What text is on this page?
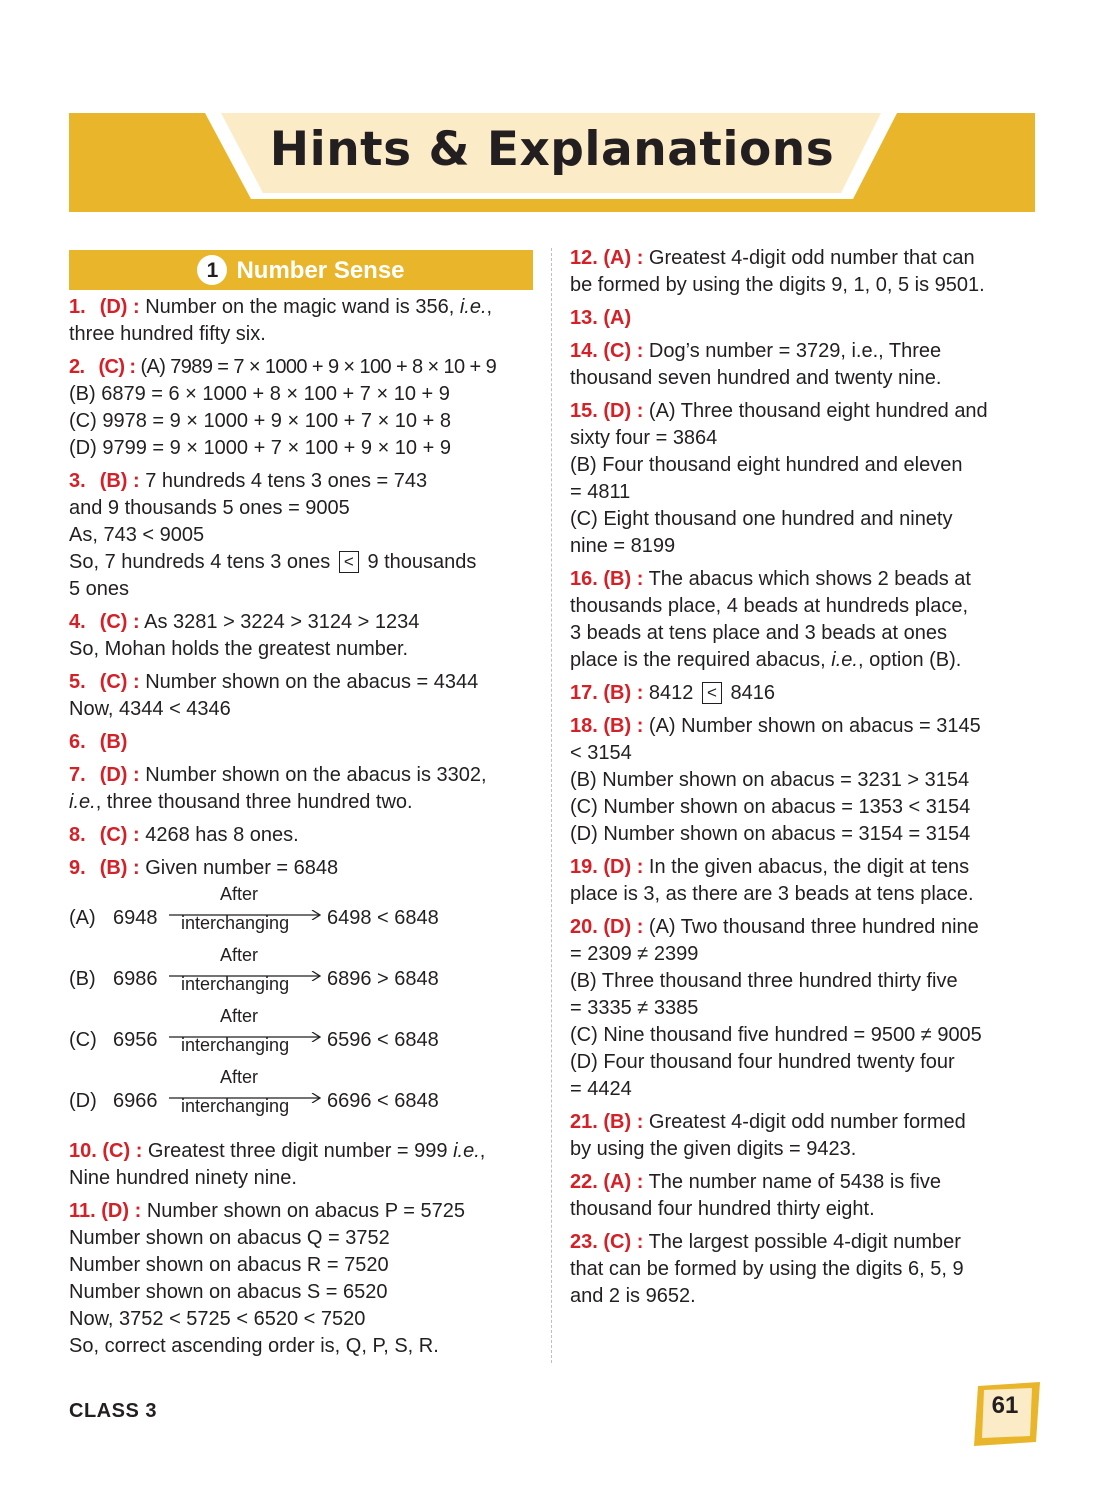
Hints & Explanations
1 Number Sense
1. (D) : Number on the magic wand is 356, i.e.,
three hundred fifty six.
2. (C) : (A) 7989 = 7 × 1000 + 9 × 100 + 8 × 10 + 9
(B) 6879 = 6 × 1000 + 8 × 100 + 7 × 10 + 9
(C) 9978 = 9 × 1000 + 9 × 100 + 7 × 10 + 8
(D) 9799 = 9 × 1000 + 7 × 100 + 9 × 10 + 9
3. (B) : 7 hundreds 4 tens 3 ones = 743
and 9 thousands 5 ones = 9005
As, 743 < 9005
So, 7 hundreds 4 tens 3 ones < 9 thousands
5 ones
4. (C) : As 3281 > 3224 > 3124 > 1234
So, Mohan holds the greatest number.
5. (C) : Number shown on the abacus = 4344
Now, 4344 < 4346
6. (B)
7. (D) : Number shown on the abacus is 3302,
i.e., three thousand three hundred two.
8. (C) : 4268 has 8 ones.
9. (B) : Given number = 6848
(A) 6948
After
interchanging 6498 < 6848
(B) 6986
After
interchanging 6896 > 6848
(C) 6956
After
interchanging 6596 < 6848
(D) 6966
After
interchanging 6696 < 6848
10. (C) : Greatest three digit number = 999 i.e.,
Nine hundred ninety nine.
11. (D) : Number shown on abacus P = 5725
Number shown on abacus Q = 3752
Number shown on abacus R = 7520
Number shown on abacus S = 6520
Now, 3752 < 5725 < 6520 < 7520
So, correct ascending order is, Q, P, S, R.
12. (A) : Greatest 4-digit odd number that can
be formed by using the digits 9, 1, 0, 5 is 9501.
13. (A)
14. (C) : Dog’s number = 3729, i.e., Three
thousand seven hundred and twenty nine.
15. (D) : (A) Three thousand eight hundred and
sixty four = 3864
(B) Four thousand eight hundred and eleven
= 4811
(C) Eight thousand one hundred and ninety
nine = 8199
16. (B) : The abacus which shows 2 beads at
thousands place, 4 beads at hundreds place,
3 beads at tens place and 3 beads at ones
place is the required abacus, i.e., option (B).
17. (B) : 8412 < 8416
18. (B) : (A) Number shown on abacus = 3145
< 3154
(B) Number shown on abacus = 3231 > 3154
(C) Number shown on abacus = 1353 < 3154
(D) Number shown on abacus = 3154 = 3154
19. (D) : In the given abacus, the digit at tens
place is 3, as there are 3 beads at tens place.
20. (D) : (A) Two thousand three hundred nine
= 2309 ≠ 2399
(B) Three thousand three hundred thirty five
= 3335 ≠ 3385
(C) Nine thousand five hundred = 9500 ≠ 9005
(D) Four thousand four hundred twenty four
= 4424
21. (B) : Greatest 4-digit odd number formed
by using the given digits = 9423.
22. (A) : The number name of 5438 is five
thousand four hundred thirty eight.
23. (C) : The largest possible 4-digit number
that can be formed by using the digits 6, 5, 9
and 2 is 9652.
CLASS 3	61
